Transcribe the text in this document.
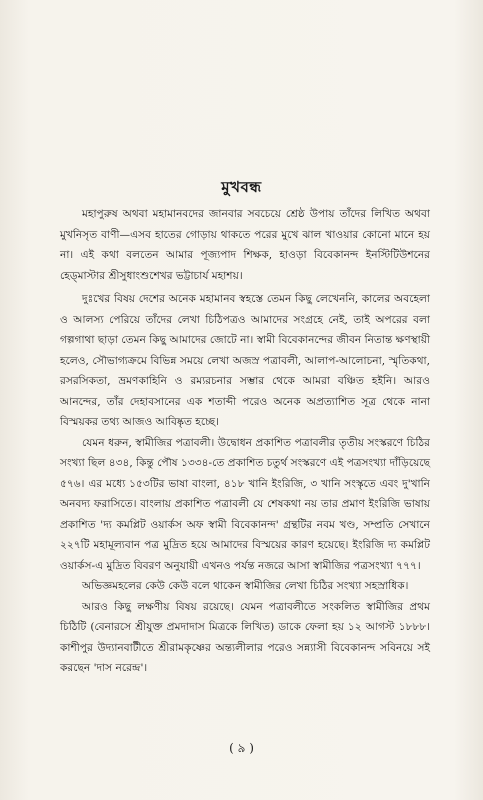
মুখবন্ধ

মহাপুরুষ অথবা মহামানবদের জানবার সবচেয়ে শ্রেষ্ঠ উপায় তাঁদের লিখিত অথবা মুখনিসৃত বাণী—এসব হাতের গোড়ায় থাকতে পরের মুখে ঝাল খাওয়ার কোনো মানে হয় না। এই কথা বলতেন আমার পূজ্যপাদ শিক্ষক, হাওড়া বিবেকানন্দ ইনস্টিটিউশনের হেড্‌মাস্টার শ্রীসুধাংশুশেখর ভট্টাচার্য মহাশয়।

দুঃখের বিষয় দেশের অনেক মহামানব স্বহস্তে তেমন কিছু লেখেননি, কালের অবহেলা ও আলস্য পেরিয়ে তাঁদের লেখা চিঠিপত্রও আমাদের সংগ্রহে নেই, তাই অপরের বলা গল্পগাথা ছাড়া তেমন কিছু আমাদের জোটে না। স্বামী বিবেকানন্দের জীবন নিতান্ত ক্ষণস্থায়ী হলেও, সৌভাগ্যক্রমে বিভিন্ন সময়ে লেখা অজস্র পত্রাবলী, আলাপ-আলোচনা, স্মৃতিকথা, রসরসিকতা, ভ্রমণকাহিনি ও রম্যরচনার সম্ভার থেকে আমরা বঞ্চিত হইনি। আরও আনন্দের, তাঁর দেহাবসানের এক শতাব্দী পরেও অনেক অপ্রত্যাশিত সূত্র থেকে নানা বিস্ময়কর তথ্য আজও আবিষ্কৃত হচ্ছে।

যেমন ধরুন, স্বামীজির পত্রাবলী। উদ্বোধন প্রকাশিত পত্রাবলীর তৃতীয় সংস্করণে চিঠির সংখ্যা ছিল ৪৩৪, কিন্তু পৌষ ১৩৩৪-তে প্রকাশিত চতুর্থ সংস্করণে এই পত্রসংখ্যা দাঁড়িয়েছে ৫৭৬। এর মধ্যে ১৫৩টির ভাষা বাংলা, ৪১৮ খানি ইংরিজি, ৩ খানি সংস্কৃতে এবং দু'খানি অনবদ্য ফরাসিতে। বাংলায় প্রকাশিত পত্রাবলী যে শেষকথা নয় তার প্রমাণ ইংরিজি ভাষায় প্রকাশিত 'দ্য কমপ্লিট ওয়ার্কস অফ স্বামী বিবেকানন্দ' গ্রন্থটির নবম খণ্ড, সম্প্রতি সেখানে ২২৭টি মহামূল্যবান পত্র মুদ্রিত হয়ে আমাদের বিস্ময়ের কারণ হয়েছে। ইংরিজি দ্য কমপ্লিট ওয়ার্কস-এ মুদ্রিত বিবরণ অনুযায়ী এখনও পর্যন্ত নজরে আসা স্বামীজির পত্রসংখ্যা ৭৭৭।

অভিজ্ঞমহলের কেউ কেউ বলে থাকেন স্বামীজির লেখা চিঠির সংখ্যা সহস্রাধিক।

আরও কিছু লক্ষণীয় বিষয় রয়েছে। যেমন পত্রাবলীতে সংকলিত স্বামীজির প্রথম চিঠিটি (বেনারসে শ্রীযুক্ত প্রমদাদাস মিত্রকে লিখিত) ডাকে ফেলা হয় ১২ আগস্ট ১৮৮৮। কাশীপুর উদ্যানবাটীতে শ্রীরামকৃষ্ণের অন্ত্যলীলার পরেও সন্ন্যাসী বিবেকানন্দ সবিনয়ে সই করছেন 'দাস নরেন্দ্র'।

( ৯ )
